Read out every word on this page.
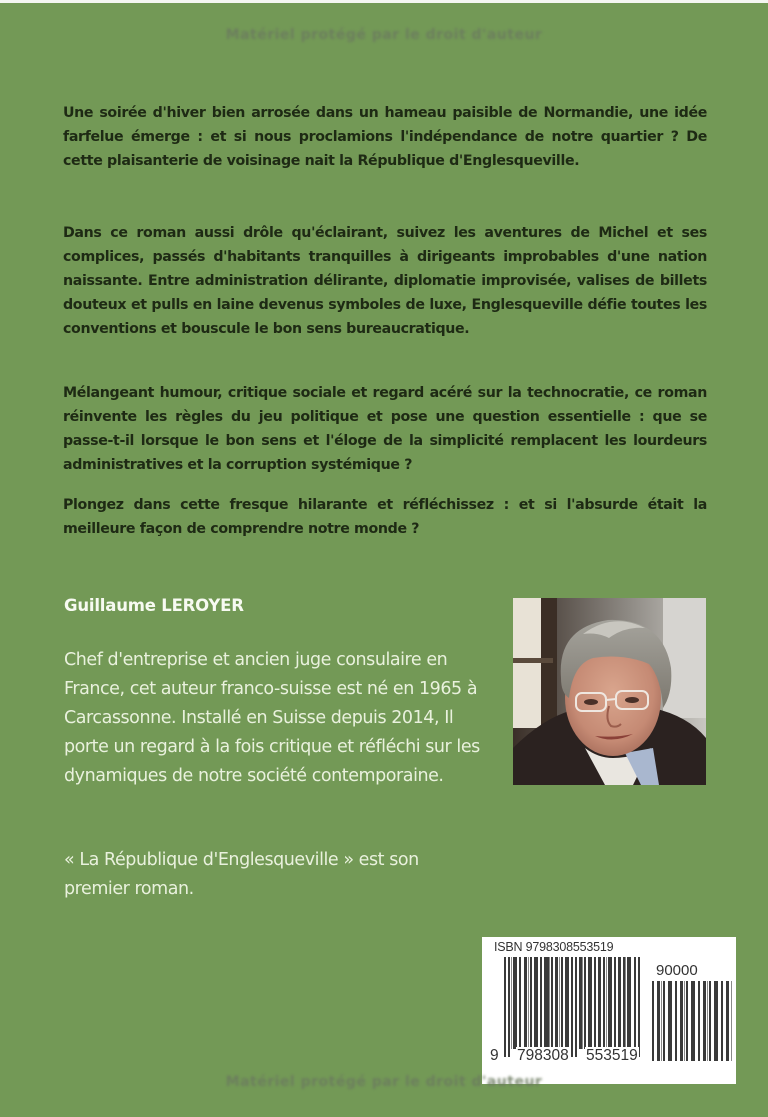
Matériel protégé par le droit d'auteur

Une soirée d'hiver bien arrosée dans un hameau paisible de Normandie, une idée farfelue émerge : et si nous proclamions l'indépendance de notre quartier ? De cette plaisanterie de voisinage nait la République d'Englesqueville.

Dans ce roman aussi drôle qu'éclairant, suivez les aventures de Michel et ses complices, passés d'habitants tranquilles à dirigeants improbables d'une nation naissante. Entre administration délirante, diplomatie improvisée, valises de billets douteux et pulls en laine devenus symboles de luxe, Englesqueville défie toutes les conventions et bouscule le bon sens bureaucratique.

Mélangeant humour, critique sociale et regard acéré sur la technocratie, ce roman réinvente les règles du jeu politique et pose une question essentielle : que se passe-t-il lorsque le bon sens et l'éloge de la simplicité remplacent les lourdeurs administratives et la corruption systémique ?

Plongez dans cette fresque hilarante et réfléchissez : et si l'absurde était la meilleure façon de comprendre notre monde ?

Guillaume LEROYER

Chef d'entreprise et ancien juge consulaire en France, cet auteur franco-suisse est né en 1965 à Carcassonne. Installé en Suisse depuis 2014, Il porte un regard à la fois critique et réfléchi sur les dynamiques de notre société contemporaine.

« La République d'Englesqueville » est son premier roman.

ISBN 9798308553519
90000
9 798308 553519
Matériel protégé par le droit d'auteur
